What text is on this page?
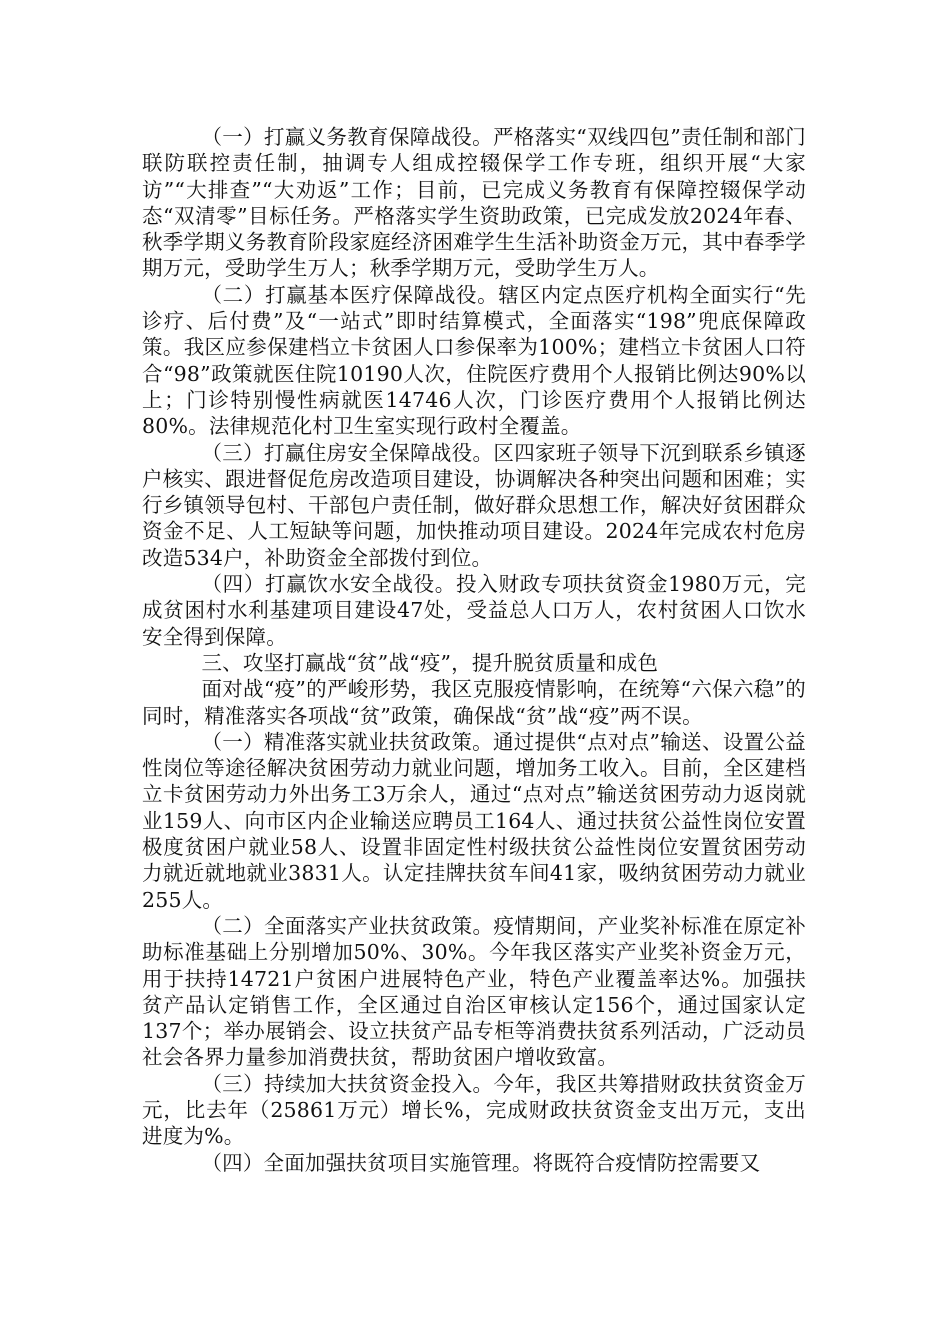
（一）打赢义务教育保障战役。严格落实“双线四包”责任制和部门联防联控责任制，抽调专人组成控辍保学工作专班，组织开展“大家访”“大排查”“大劝返”工作；目前，已完成义务教育有保障控辍保学动态“双清零”目标任务。严格落实学生资助政策，已完成发放2024年春、秋季学期义务教育阶段家庭经济困难学生生活补助资金万元，其中春季学期万元，受助学生万人；秋季学期万元，受助学生万人。

（二）打赢基本医疗保障战役。辖区内定点医疗机构全面实行“先诊疗、后付费”及“一站式”即时结算模式，全面落实“198”兜底保障政策。我区应参保建档立卡贫困人口参保率为100%；建档立卡贫困人口符合“98”政策就医住院10190人次，住院医疗费用个人报销比例达90%以上；门诊特别慢性病就医14746人次，门诊医疗费用个人报销比例达80%。法律规范化村卫生室实现行政村全覆盖。

（三）打赢住房安全保障战役。区四家班子领导下沉到联系乡镇逐户核实、跟进督促危房改造项目建设，协调解决各种突出问题和困难；实行乡镇领导包村、干部包户责任制，做好群众思想工作，解决好贫困群众资金不足、人工短缺等问题，加快推动项目建设。2024年完成农村危房改造534户，补助资金全部拨付到位。

（四）打赢饮水安全战役。投入财政专项扶贫资金1980万元，完成贫困村水利基建项目建设47处，受益总人口万人，农村贫困人口饮水安全得到保障。

三、攻坚打赢战“贫”战“疫”，提升脱贫质量和成色

面对战“疫”的严峻形势，我区克服疫情影响，在统筹“六保六稳”的同时，精准落实各项战“贫”政策，确保战“贫”战“疫”两不误。

（一）精准落实就业扶贫政策。通过提供“点对点”输送、设置公益性岗位等途径解决贫困劳动力就业问题，增加务工收入。目前，全区建档立卡贫困劳动力外出务工3万余人，通过“点对点”输送贫困劳动力返岗就业159人、向市区内企业输送应聘员工164人、通过扶贫公益性岗位安置极度贫困户就业58人、设置非固定性村级扶贫公益性岗位安置贫困劳动力就近就地就业3831人。认定挂牌扶贫车间41家，吸纳贫困劳动力就业255人。

（二）全面落实产业扶贫政策。疫情期间，产业奖补标准在原定补助标准基础上分别增加50%、30%。今年我区落实产业奖补资金万元，用于扶持14721户贫困户进展特色产业，特色产业覆盖率达%。加强扶贫产品认定销售工作，全区通过自治区审核认定156个，通过国家认定137个；举办展销会、设立扶贫产品专柜等消费扶贫系列活动，广泛动员社会各界力量参加消费扶贫，帮助贫困户增收致富。

（三）持续加大扶贫资金投入。今年，我区共筹措财政扶贫资金万元，比去年（25861万元）增长%，完成财政扶贫资金支出万元，支出进度为%。

（四）全面加强扶贫项目实施管理。将既符合疫情防控需要又
